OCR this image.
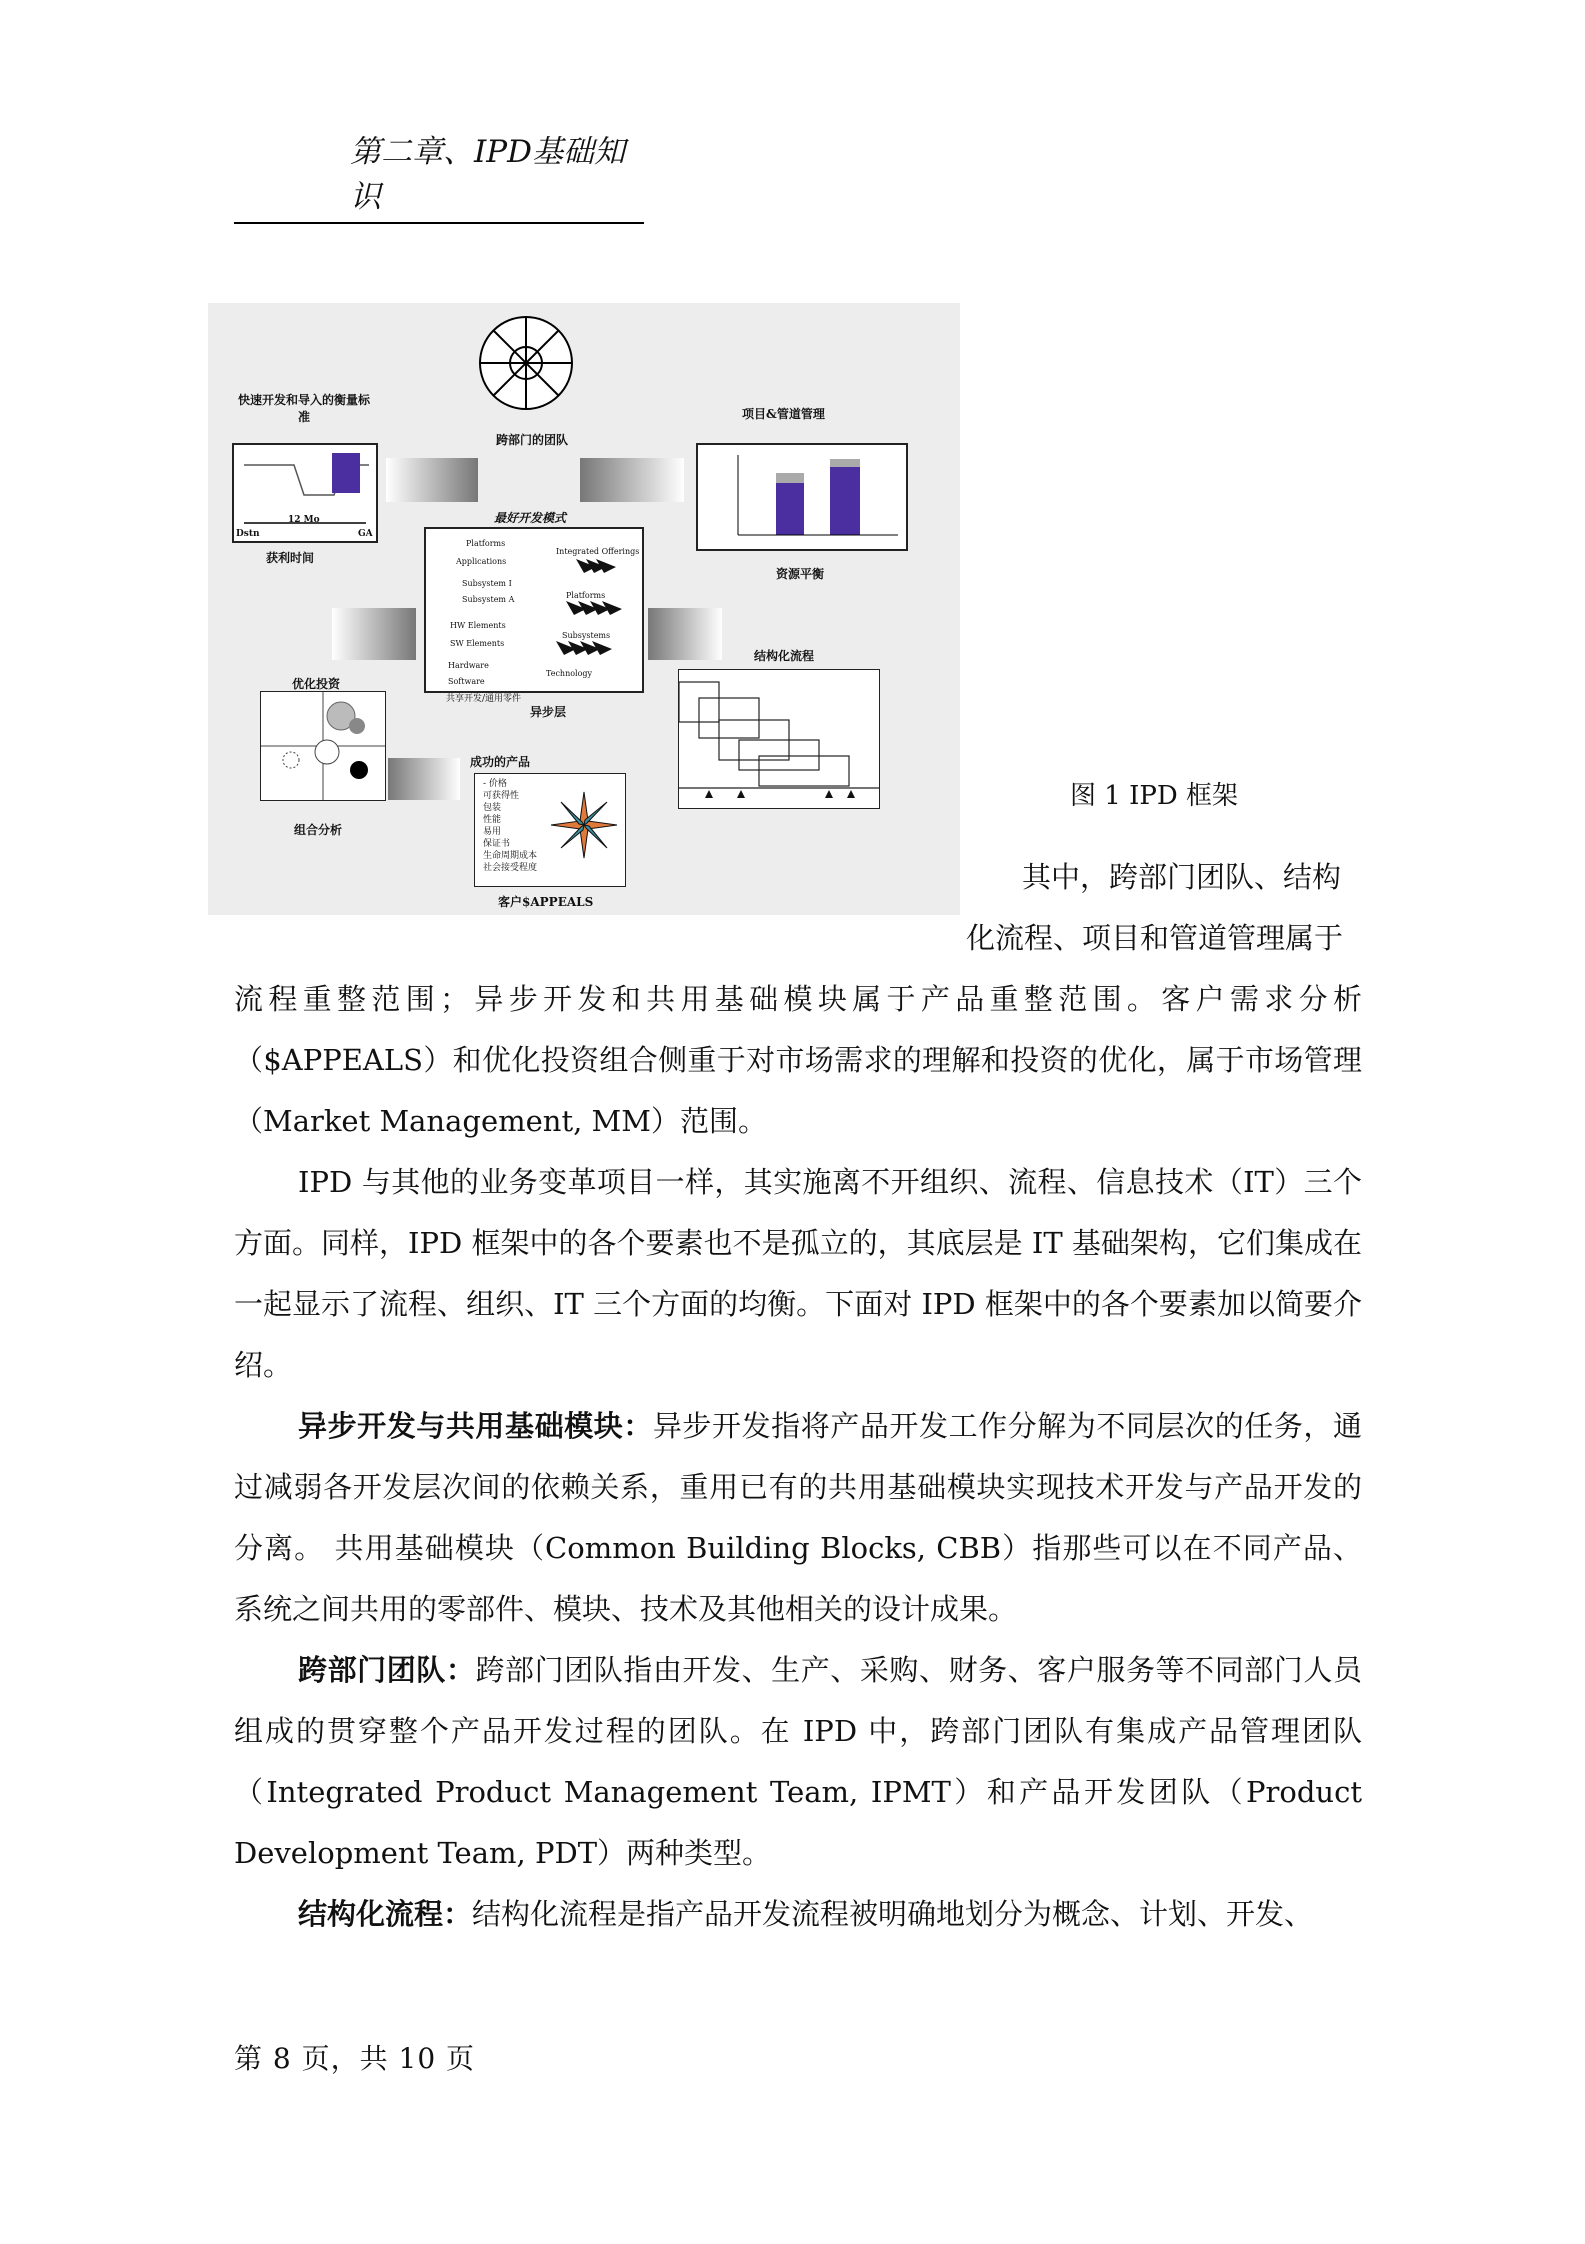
第二章、IPD基础知识
跨部门的团队
快速开发和导入的衡量标准
12 Mo
Dstn	GA
获利时间
项目&管道管理
资源平衡
最好开发模式
Platforms
Applications
Subsystem I
Subsystem A
HW Elements
SW Elements
Hardware
Software
Integrated Offerings
Platforms
Subsystems
Technology
共享开发/通用零件
异步层
结构化流程
优化投资
组合分析
成功的产品
- 价格
可获得性
包装
性能
易用
保证书
生命周期成本
社会接受程度
客户$APPEALS
图 1 IPD 框架
其中，跨部门团队、结构
化流程、项目和管道管理属于
流程重整范围；异步开发和共用基础模块属于产品重整范围。客户需求分析（$APPEALS）和优化投资组合侧重于对市场需求的理解和投资的优化，属于市场管理（Market Management, MM）范围。
IPD 与其他的业务变革项目一样，其实施离不开组织、流程、信息技术（IT）三个方面。同样，IPD 框架中的各个要素也不是孤立的，其底层是 IT 基础架构，它们集成在一起显示了流程、组织、IT 三个方面的均衡。下面对 IPD 框架中的各个要素加以简要介绍。
异步开发与共用基础模块：异步开发指将产品开发工作分解为不同层次的任务，通过减弱各开发层次间的依赖关系，重用已有的共用基础模块实现技术开发与产品开发的分离。 共用基础模块（Common Building Blocks, CBB）指那些可以在不同产品、系统之间共用的零部件、模块、技术及其他相关的设计成果。
跨部门团队：跨部门团队指由开发、生产、采购、财务、客户服务等不同部门人员组成的贯穿整个产品开发过程的团队。在 IPD 中，跨部门团队有集成产品管理团队（Integrated Product Management Team, IPMT）和产品开发团队（Product Development Team, PDT）两种类型。
结构化流程：结构化流程是指产品开发流程被明确地划分为概念、计划、开发、
第 8 页，共 10 页
